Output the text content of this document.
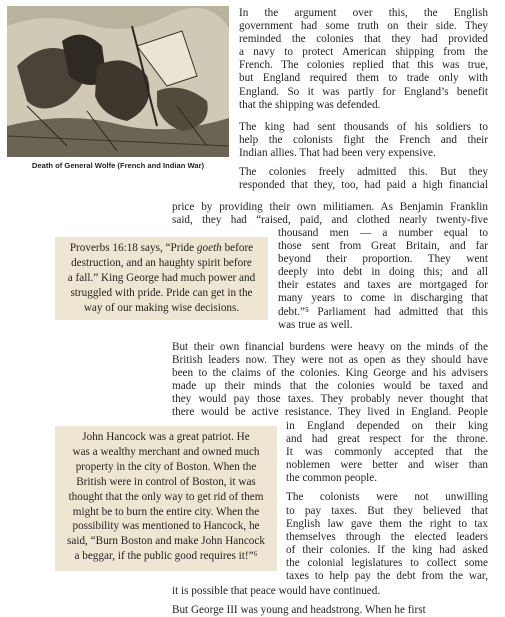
Death of General Wolfe (French and Indian War)
In the argument over this, the English
government had some truth on their side. They
reminded the colonies that they had provided
a navy to protect American shipping from the
French. The colonies replied that this was true,
but England required them to trade only with
England. So it was partly for England’s benefit
that the shipping was defended.
The king had sent thousands of his soldiers to
help the colonists fight the French and their
Indian allies. That had been very expensive.
The colonies freely admitted this. But they
responded that they, too, had paid a high financial
price by providing their own militiamen. As Benjamin Franklin
said, they had “raised, paid, and clothed nearly twenty-five
thousand men — a number equal to
those sent from Great Britain, and far
beyond their proportion. They went
deeply into debt in doing this; and all
their estates and taxes are mortgaged for
many years to come in discharging that
debt.”⁵ Parliament had admitted that this
was true as well.
Proverbs 16:18 says, “Pride goeth before
destruction, and an haughty spirit before
a fall.” King George had much power and
struggled with pride. Pride can get in the
way of our making wise decisions.
But their own financial burdens were heavy on the minds of the
British leaders now. They were not as open as they should have
been to the claims of the colonies. King George and his advisers
made up their minds that the colonies would be taxed and
they would pay those taxes. They probably never thought that
there would be active resistance. They lived in England. People
in England depended on their king
and had great respect for the throne.
It was commonly accepted that the
noblemen were better and wiser than
the common people.
The colonists were not unwilling
to pay taxes. But they believed that
English law gave them the right to tax
themselves through the elected leaders
of their colonies. If the king had asked
the colonial legislatures to collect some
taxes to help pay the debt from the war,
John Hancock was a great patriot. He
was a wealthy merchant and owned much
property in the city of Boston. When the
British were in control of Boston, it was
thought that the only way to get rid of them
might be to burn the entire city. When the
possibility was mentioned to Hancock, he
said, “Burn Boston and make John Hancock
a beggar, if the public good requires it!”⁶
it is possible that peace would have continued.
But George III was young and headstrong. When he first
